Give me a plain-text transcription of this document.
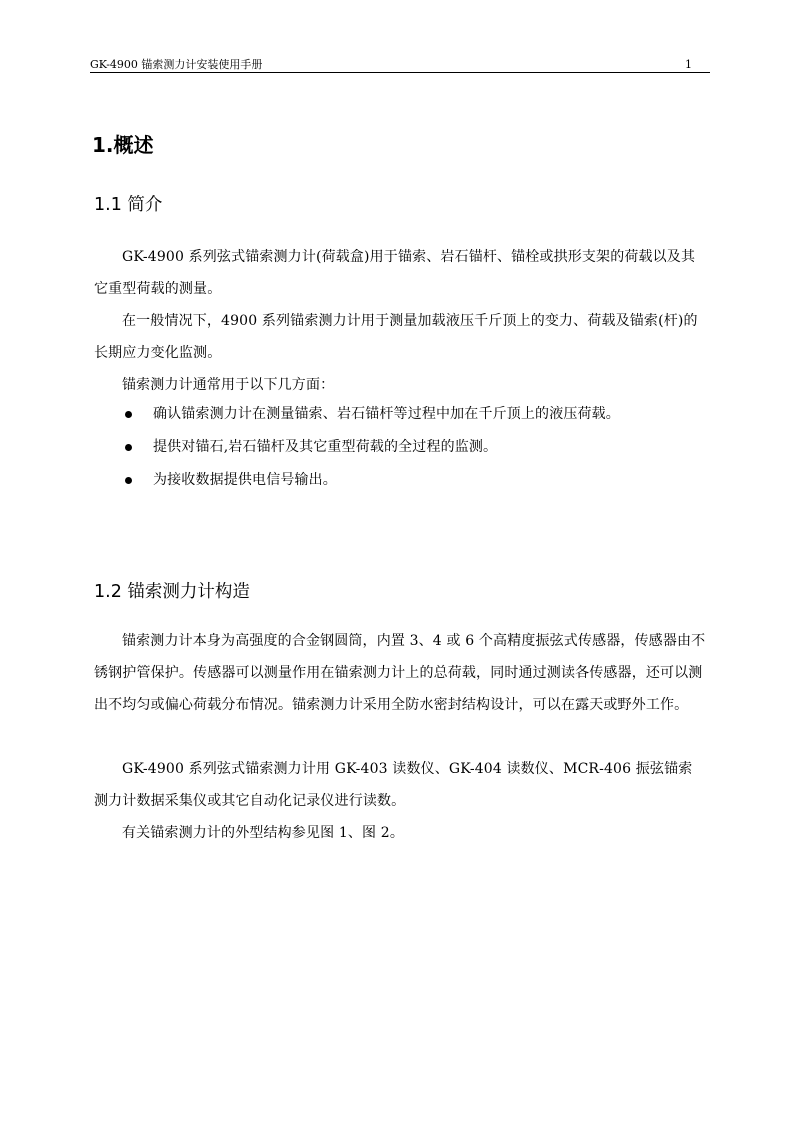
GK-4900 锚索测力计安装使用手册	1
1.概述
1.1 简介

GK-4900 系列弦式锚索测力计(荷载盒)用于锚索、岩石锚杆、锚栓或拱形支架的荷载以及其它重型荷载的测量。

在一般情况下，4900 系列锚索测力计用于测量加载液压千斤顶上的变力、荷载及锚索(杆)的长期应力变化监测。

锚索测力计通常用于以下几方面：

确认锚索测力计在测量锚索、岩石锚杆等过程中加在千斤顶上的液压荷载。
提供对锚石,岩石锚杆及其它重型荷载的全过程的监测。
为接收数据提供电信号输出。
1.2 锚索测力计构造

锚索测力计本身为高强度的合金钢圆筒，内置 3、4 或 6 个高精度振弦式传感器，传感器由不锈钢护管保护。传感器可以测量作用在锚索测力计上的总荷载，同时通过测读各传感器，还可以测出不均匀或偏心荷载分布情况。锚索测力计采用全防水密封结构设计，可以在露天或野外工作。

GK-4900 系列弦式锚索测力计用 GK-403 读数仪、GK-404 读数仪、MCR-406 振弦锚索测力计数据采集仪或其它自动化记录仪进行读数。

有关锚索测力计的外型结构参见图 1、图 2。
